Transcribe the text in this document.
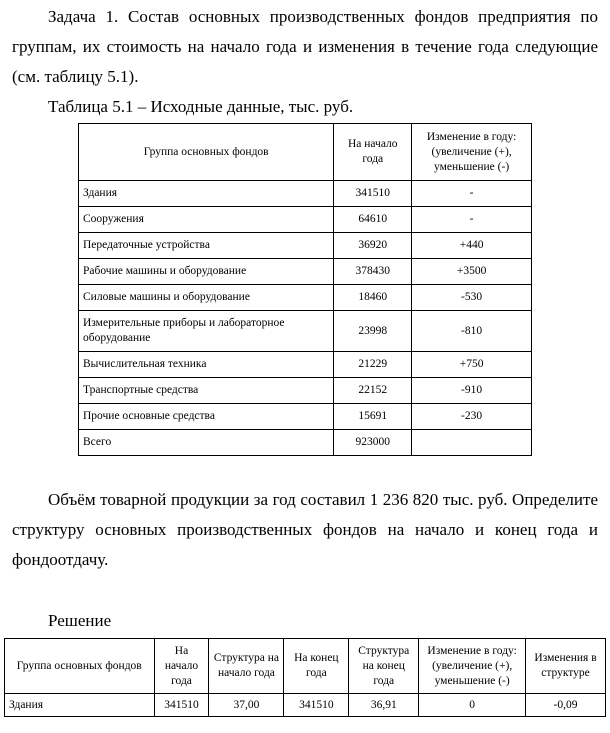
Задача 1. Состав основных производственных фондов предприятия по группам, их стоимость на начало года и изменения в течение года следующие (см. таблицу 5.1).
Таблица 5.1 – Исходные данные, тыс. руб.
Группа основных фондов	На начало года	Изменение в году: (увеличение (+), уменьшение (-)
Здания	341510	-
Сооружения	64610	-
Передаточные устройства	36920	+440
Рабочие машины и оборудование	378430	+3500
Силовые машины и оборудование	18460	-530
Измерительные приборы и лабораторное оборудование	23998	-810
Вычислительная техника	21229	+750
Транспортные средства	22152	-910
Прочие основные средства	15691	-230
Всего	923000	
Объём товарной продукции за год составил 1 236 820 тыс. руб. Определите структуру основных производственных фондов на начало и конец года и фондоотдачу.
Решение
Группа основных фондов	На начало года	Структура на начало года	На конец года	Структура на конец года	Изменение в году: (увеличение (+), уменьшение (-)	Изменения в структуре
Здания	341510	37,00	341510	36,91	0	-0,09
